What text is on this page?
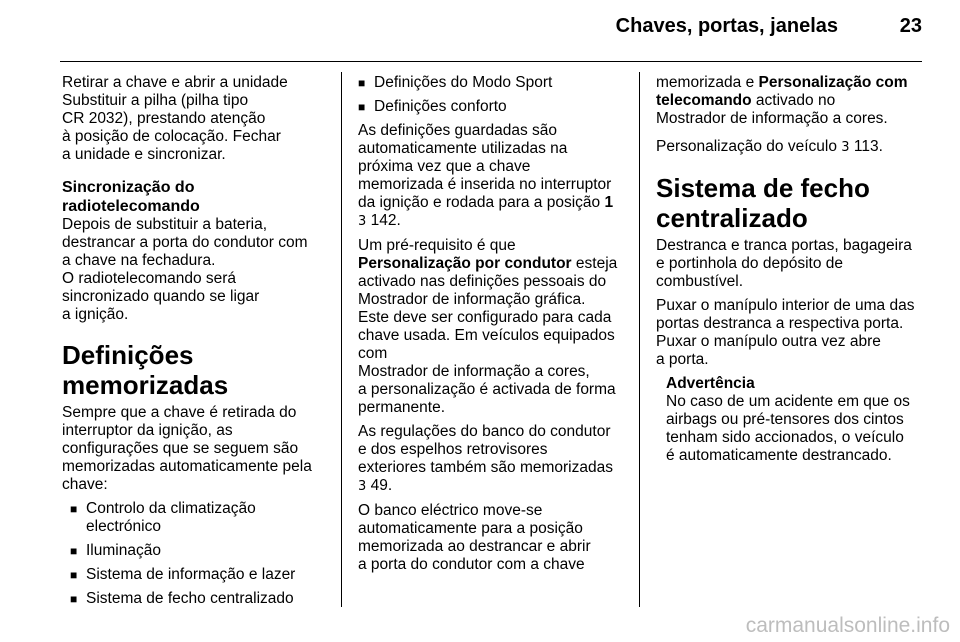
Chaves, portas, janelas	23

Retirar a chave e abrir a unidade
Substituir a pilha (pilha tipo
CR 2032), prestando atenção
à posição de colocação. Fechar
a unidade e sincronizar.

Sincronização do
radiotelecomando

Depois de substituir a bateria,
destrancar a porta do condutor com
a chave na fechadura.
O radiotelecomando será
sincronizado quando se ligar
a ignição.

Definições memorizadas

Sempre que a chave é retirada do
interruptor da ignição, as
configurações que se seguem são
memorizadas automaticamente pela
chave:

■ Controlo da climatização
electrónico
■ Iluminação
■ Sistema de informação e lazer
■ Sistema de fecho centralizado
■ Definições do Modo Sport
■ Definições conforto

As definições guardadas são
automaticamente utilizadas na
próxima vez que a chave
memorizada é inserida no interruptor
da ignição e rodada para a posição 1
3 142.

Um pré-requisito é que
Personalização por condutor esteja
activado nas definições pessoais do
Mostrador de informação gráfica.
Este deve ser configurado para cada
chave usada. Em veículos equipados
com
Mostrador de informação a cores,
a personalização é activada de forma
permanente.

As regulações do banco do condutor
e dos espelhos retrovisores
exteriores também são memorizadas
3 49.

O banco eléctrico move-se
automaticamente para a posição
memorizada ao destrancar e abrir
a porta do condutor com a chave

memorizada e Personalização com
telecomando activado no
Mostrador de informação a cores.

Personalização do veículo 3 113.

Sistema de fecho
centralizado

Destranca e tranca portas, bagageira
e portinhola do depósito de
combustível.

Puxar o manípulo interior de uma das
portas destranca a respectiva porta.
Puxar o manípulo outra vez abre
a porta.

Advertência
No caso de um acidente em que os
airbags ou pré-tensores dos cintos
tenham sido accionados, o veículo
é automaticamente destrancado.
carmanualsonline.info
